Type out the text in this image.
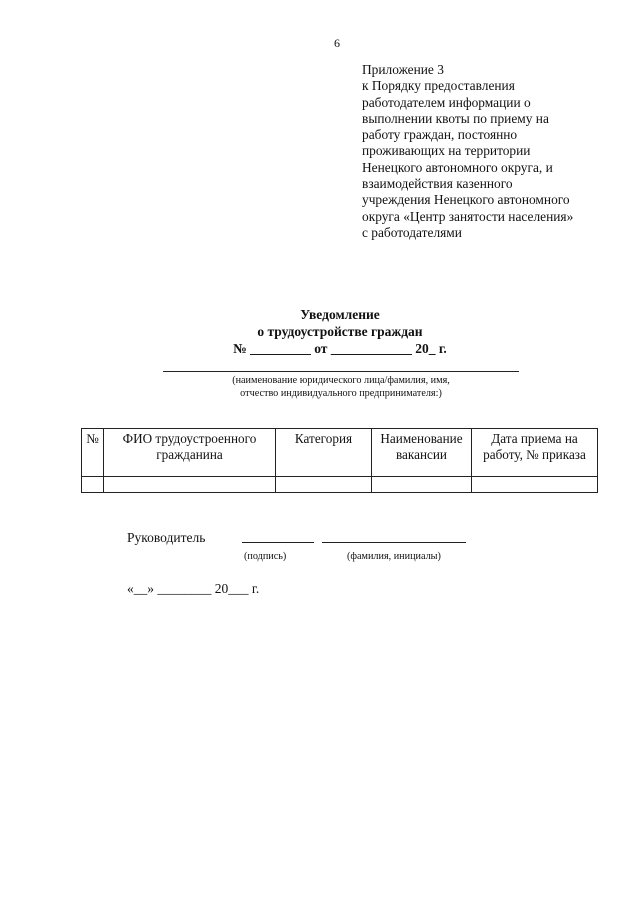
6
Приложение 3
к Порядку предоставления
работодателем информации о
выполнении квоты по приему на
работу граждан, постоянно
проживающих на территории
Ненецкого автономного округа, и
взаимодействия казенного
учреждения Ненецкого автономного
округа «Центр занятости населения»
с работодателями
Уведомление
о трудоустройстве граждан
№ _________ от ____________ 20_ г.
(наименование юридического лица/фамилия, имя,
отчество индивидуального предпринимателя:)
№	ФИО трудоустроенного гражданина	Категория	Наименование вакансии	Дата приема на работу, № приказа

Руководитель
(подпись)	(фамилия, инициалы)
«__» ________ 20___ г.
